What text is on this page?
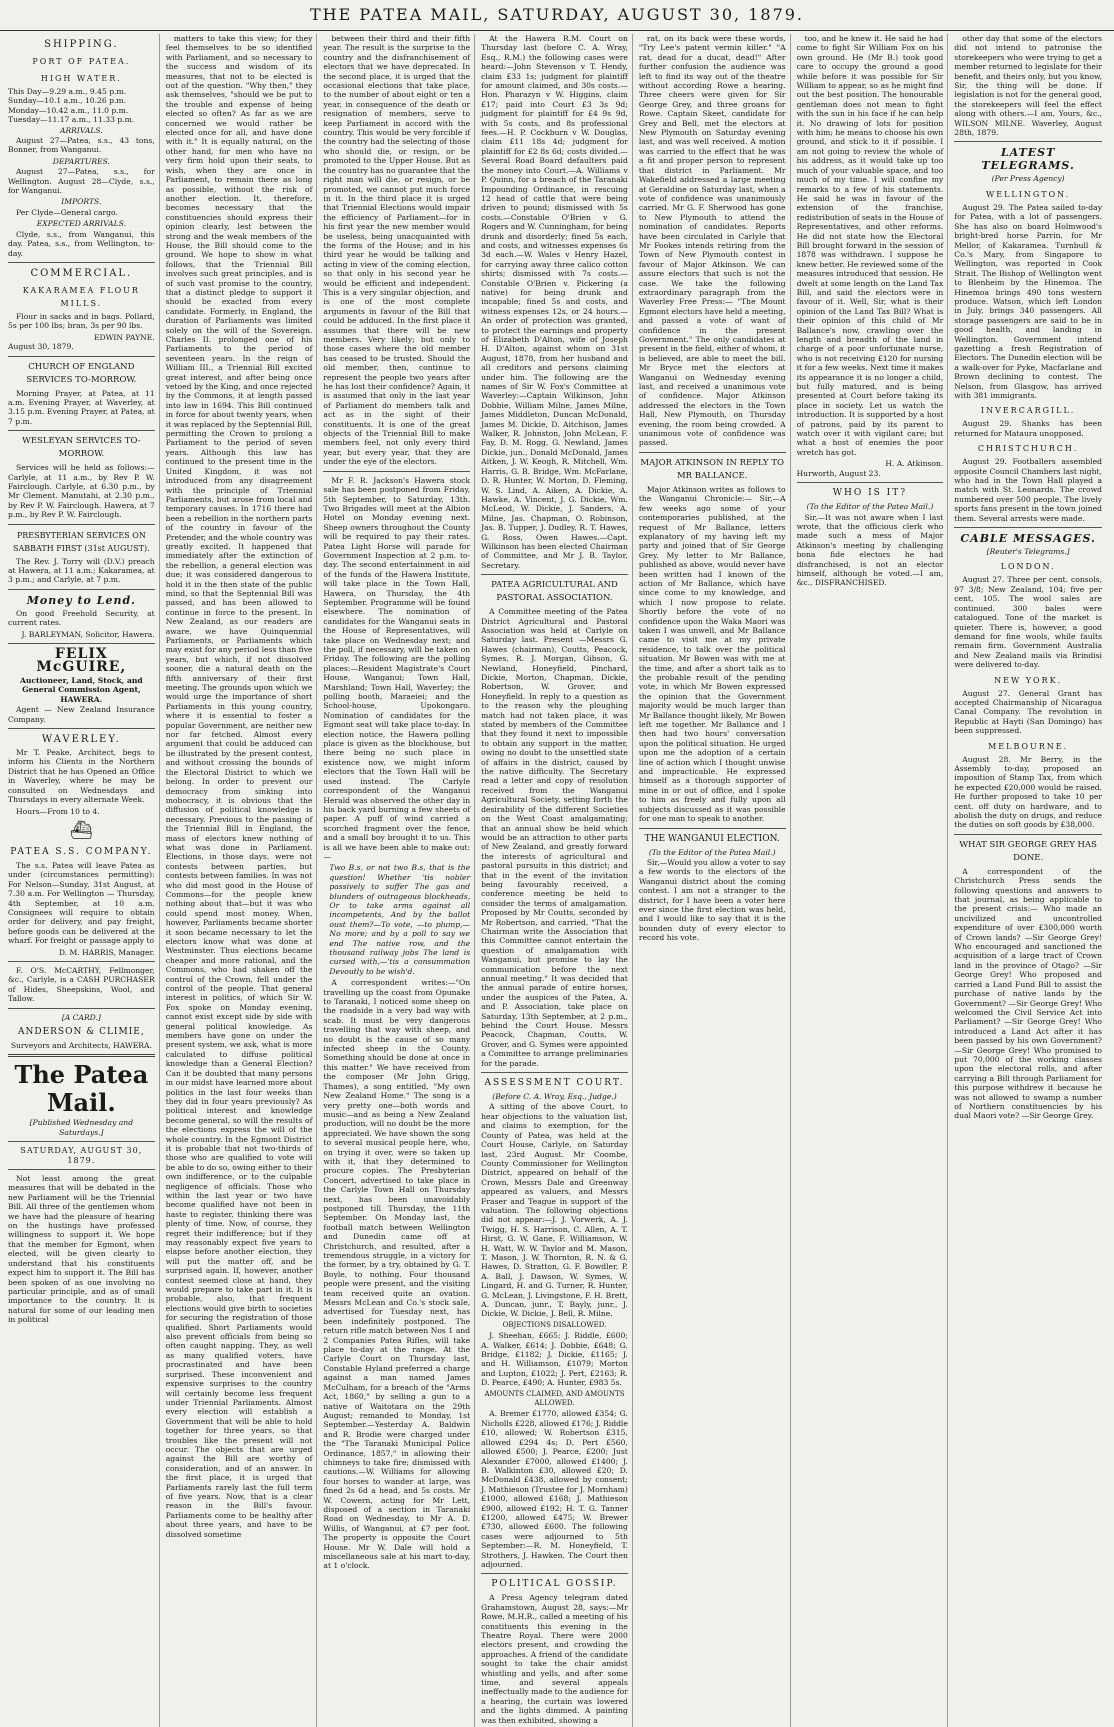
THE PATEA MAIL, SATURDAY, AUGUST 30, 1879.
SHIPPING.
PORT OF PATEA.
HIGH WATER.
This Day—9.29 a.m., 9.45 p.m.
Sunday—10.1 a.m., 10.26 p.m.
Monday—10.42 a.m., 11.0 p.m.
Tuesday—11.17 a.m., 11.33 p.m.
ARRIVALS.

August 27—Patea, s.s., 43 tons, Bonner, from Wanganui.

DEPARTURES.

August 27—Patea, s.s., for Wellington. August 28—Clyde, s.s., for Wanganui.

IMPORTS.

Per Clyde—General cargo.

EXPECTED ARRIVALS.

Clyde, s.s., from Wanganui, this day. Patea, s.s., from Wellington, to-day.

COMMERCIAL.
KAKARAMEA FLOUR MILLS.

Flour in sacks and in bags. Pollard, 5s per 100 lbs; bran, 3s per 90 lbs.

EDWIN PAYNE.
August 30, 1879.
CHURCH OF ENGLAND SERVICES TO-MORROW.

Morning Prayer, at Patea, at 11 a.m. Evening Prayer, at Waverley, at 3.15 p.m. Evening Prayer, at Patea, at 7 p.m.

WESLEYAN SERVICES TO-MORROW.

Services will be held as follows:— Carlyle, at 11 a.m., by Rev P. W. Fairclough. Carlyle, at 6.30 p.m., by Mr Clement. Manutahi, at 2.30 p.m., by Rev P. W. Fairclough. Hawera, at 7 p.m., by Rev P. W. Fairclough.

PRESBYTERIAN SERVICES ON SABBATH FIRST (31st AUGUST).

The Rev. J. Torry will (D.V.) preach at Hawera, at 11 a.m.; Kakaramea, at 3 p.m.; and Carlyle, at 7 p.m.

Money to Lend.

On good Freehold Security, at current rates.

J. BARLEYMAN, Solicitor, Hawera.
FELIX McGUIRE,
Auctioneer, Land, Stock, and General Commission Agent, HAWERA.

Agent — New Zealand Insurance Company.

WAVERLEY.

Mr T. Peake, Architect, begs to inform his Clients in the Northern District that he has Opened an Office in Waverley, where he may be consulted on Wednesdays and Thursdays in every alternate Week.

Hours—From 10 to 4.

⛴
PATEA S.S. COMPANY.

The s.s. Patea will leave Patea as under (circumstances permitting): For Nelson—Sunday, 31st August, at 7.30 a.m. For Wellington — Thursday, 4th September, at 10 a.m. Consignees will require to obtain order for delivery, and pay freight, before goods can be delivered at the wharf. For freight or passage apply to

D. M. HARRIS, Manager.

F. O'S. McCARTHY, Fellmonger, &c., Carlyle, is a CASH PURCHASER of Hides, Sheepskins, Wool, and Tallow.

[A CARD.]
ANDERSON & CLIMIE,
Surveyors and Architects, HAWERA.
The Patea Mail.
[Published Wednesday and Saturdays.]
SATURDAY, AUGUST 30, 1879.

Not least among the great measures that will be debated in the new Parliament will be the Triennial Bill. All three of the gentlemen whom we have had the pleasure of hearing on the hustings have professed willingness to support it. We hope that the member for Egmont, when elected, will be given clearly to understand that his constituents expect him to support it. The Bill has been spoken of as one involving no particular principle, and as of small importance to the country. It is natural for some of our leading men in political

matters to take this view; for they feel themselves to be so identified with Parliament, and so necessary to the success and wisdom of its measures, that not to be elected is out of the question. "Why then," they ask themselves, "should we be put to the trouble and expense of being elected so often? As far as we are concerned we would rather be elected once for all, and have done with it." It is equally natural, on the other hand, for men who have no very firm hold upon their seats, to wish, when they are once in Parliament, to remain there as long as possible, without the risk of another election. It, therefore, becomes necessary that the constituencies should express their opinion clearly, lest between the strong and the weak members of the House, the Bill should come to the ground. We hope to show in what follows, that the Triennial Bill involves such great principles, and is of such vast promise to the country, that a distinct pledge to support it should be exacted from every candidate. Formerly, in England, the duration of Parliaments was limited solely on the will of the Sovereign. Charles II. prolonged one of his Parliaments to the period of seventeen years. In the reign of William III., a Triennial Bill excited great interest, and after being once vetoed by the King, and once rejected by the Commons, it at length passed into law in 1694. This Bill continued in force for about twenty years, when it was replaced by the Septennial Bill, permitting the Crown to prolong a Parliament to the period of seven years. Although this law has continued to the present time in the United Kingdom, it was not introduced from any disagreement with the principle of Triennial Parliaments, but arose from local and temporary causes. In 1716 there had been a rebellion in the northern parts of the country in favour of the Pretender, and the whole country was greatly excited. It happened that immediately after the extinction of the rebellion, a general election was due; it was considered dangerous to hold it in the then state of the public mind, so that the Septennial Bill was passed, and has been allowed to continue in force to the present. In New Zealand, as our readers are aware, we have Quinquennial Parliaments, or Parliaments which may exist for any period less than five years, but which, if not dissolved sooner, die a natural death on the fifth anniversary of their first meeting. The grounds upon which we would urge the importance of short Parliaments in this young country, where it is essential to foster a popular Government, are neither new nor far fetched. Almost every argument that could be adduced can be illustrated by the present contest, and without crossing the bounds of the Electoral District to which we belong. In order to prevent our democracy from sinking into mobocracy, it is obvious that the diffusion of political knowledge is necessary. Previous to the passing of the Triennial Bill in England, the mass of electors knew nothing of what was done in Parliament. Elections, in those days, were not contests between parties, but contests between families. In was not who did most good in the House of Commons—for the people knew nothing about that—but it was who could spend most money. When, however, Parliaments became shorter it soon became necessary to let the electors know what was done at Westminster. Thus elections became cheaper and more rational, and the Commons, who had shaken off the control of the Crown, fell under the control of the people. That general interest in politics, of which Sir W. Fox spoke on Monday evening, cannot exist except side by side with general political knowledge. As members have gone on under the present system, we ask, what is more calculated to diffuse political knowledge than a General Election? Can it be doubted that many persons in our midst have learned more about politics in the last four weeks than they did in four years previously? As political interest and knowledge become general, so will the results of the elections express the will of the whole country. In the Egmont District it is probable that not two-thirds of those who are qualified to vote will be able to do so, owing either to their own indifference, or to the culpable negligence of officials. Those who within the last year or two have become qualified have not been in haste to register, thinking there was plenty of time. Now, of course, they regret their indifference; but if they may reasonably expect five years to elapse before another election, they will put the matter off, and be surprised again. If, however, another contest seemed close at hand, they would prepare to take part in it. It is probable, also, that frequent elections would give birth to societies for securing the registration of those qualified. Short Parliaments would also prevent officials from being so often caught napping. They, as well as many qualified voters, have procrastinated and have been surprised. These inconvenient and expensive surprises to the country will certainly become less frequent under Triennial Parliaments. Almost every election will establish a Government that will be able to hold together for three years, so that troubles like the present will not occur. The objects that are urged against the Bill are worthy of consideration, and of an answer. In the first place, it is urged that Parliaments rarely last the full term of five years. Now, that is a clear reason in the Bill's favour. Parliaments come to be healthy after about three years, and have to be dissolved sometime

between their third and their fifth year. The result is the surprise to the country and the disfranchisement of electors that we have deprecated. In the second place, it is urged that the occasional elections that take place, to the number of about eight or ten a year, in consequence of the death or resignation of members, serve to keep Parliament in accord with the country. This would be very forcible if the country had the selecting of those who should die, or resign, or be promoted to the Upper House. But as the country has no guarantee that the right man will die, or resign, or be promoted, we cannot put much force in it. In the third place it is urged that Triennial Elections would impair the efficiency of Parliament—for in his first year the new member would be useless, being unacquainted with the forms of the House; and in his third year he would be talking and acting in view of the coming election, so that only in his second year he would be efficient and independent. This is a very singular objection, and is one of the most complete arguments in favour of the Bill that could be adduced. In the first place it assumes that there will be new members. Very likely; but only to those cases where the old member has ceased to be trusted. Should the old member, then, continue to represent the people two years after he has lost their confidence? Again, it is assumed that only in the last year of Parliament do members talk and act as in the sight of their constituents. It is one of the great objects of the Triennial Bill to make members feel, not only every third year, but every year, that they are under the eye of the electors.

Mr F. R. Jackson's Hawera stock sale has been postponed from Friday, 5th September, to Saturday, 13th. Two Brigades will meet at the Albion Hotel on Monday evening next. Sheep owners throughout the County will be required to pay their rates. Patea Light Horse will parade for Government Inspection at 2 p.m. to-day. The second entertainment in aid of the funds of the Hawera Institute, will take place in the Town Hall, Hawera, on Thursday, the 4th September. Programme will be found elsewhere. The nomination of candidates for the Wanganui seats in the House of Representatives, will take place on Wednesday next; and the poll, if necessary, will be taken on Friday. The following are the polling places:—Resident Magistrate's Court House, Wanganui; Town Hall, Marshland; Town Hall, Waverley; the polling booth, Maraeiei; and the School-house, Upokongaro. Nomination of candidates for the Egmont seat will take place to-day. In election notice, the Hawera polling place is given as the blockhouse, but there being no such place in existence now, we might inform electors that the Town Hall will be used instead. The Carlyle correspondent of the Wanganui Herald was observed the other day in his back yard burning a few sheets of paper. A puff of wind carried a scorched fragment over the fence, and a small boy brought it to us. This is all we have been able to make out:—

Two B.s, or not two B.s, that is the question! Whether 'tis nobler passively to suffer The gas and blunders of outrageous blockheads, Or to take arms against all incompetents, And by the ballot oust them?—To vote, —to plump,— No more; and by a poll to say we end The native row, and the thousand railway jobs The land is cursed with,—'tis a consummation Devoutly to be wish'd.

A correspondent writes:—"On travelling up the coast from Opunake to Taranaki, I noticed some sheep on the roadside in a very bad way with scab. It must be very dangerous travelling that way with sheep, and no doubt is the cause of so many infected sheep in the County. Something should be done at once in this matter." We have received from the composer (Mr John Grigg, Thames), a song entitled, "My own New Zealand Home." The song is a very pretty one—both words and music—and as being a New Zealand production, will no doubt be the more appreciated. We have shown the song to several musical people here, who, on trying it over, were so taken up with it, that they determined to procure copies. The Presbyterian Concert, advertised to take place in the Carlyle Town Hall on Thursday next, has been unavoidably postponed till Thursday, the 11th September. On Monday last, the football match between Wellington and Dunedin came off at Christchurch, and resulted, after a tremendous struggle, in a victory for the former, by a try, obtained by G. T. Boyle, to nothing. Four thousand people were present, and the visiting team received quite an ovation. Messrs McLean and Co.'s stock sale, advertised for Tuesday next, has been indefinitely postponed. The return rifle match between Nos 1 and 2 Companies Patea Rifles, will take place to-day at the range. At the Carlyle Court on Thursday last, Constable Hyland preferred a charge against a man named James McCulham, for a breach of the "Arms Act, 1860," by selling a gun to a native of Waitotara on the 29th August; remanded to Monday, 1st September.—Yesterday A. Baldwin and R. Brodie were charged under the "The Taranaki Municipal Police Ordinance, 1857," in allowing their chimneys to take fire; dismissed with cautions.—W. Williams for allowing four horses to wander at large, was fined 2s 6d a head, and 5s costs. Mr W. Cowern, acting for Mr Lett, disposed of a section in Taranaki Road on Wednesday, to Mr A. D. Willis, of Wanganui, at £7 per foot. The property is opposite the Court House. Mr W. Dale will hold a miscellaneous sale at his mart to-day, at 1 o'clock.

At the Hawera R.M. Court on Thursday last (before C. A. Wray, Esq., R.M.) the following cases were heard:—John Stevenson v T. Hendy, claim £33 1s; judgment for plaintiff for amount claimed, and 30s costs.—Hon. Pharazyn v W. Higgins, claim £17; paid into Court £3 3s 9d; judgment for plaintiff for £4 9s 9d, with 5s costs, and 8s professional fees.—H. P. Cockburn v W. Douglas, claim £11 18s 4d; judgment for plaintiff for £2 8s 6d; costs divided.—Several Road Board defaulters paid the money into Court.—A. Williams v P. Quinn, for a breach of the Taranaki Impounding Ordinance, in rescuing 12 head of cattle that were being driven to pound; dismissed with 5s costs.—Constable O'Brien v G. Rogers and W. Cunningham, for being drunk and disorderly; fined 5s each, and costs, and witnesses expenses 6s 3d each.—W. Wales v Henry Hazel, for carrying away three calico cotton shirts; dismissed with 7s costs.—Constable O'Brien v. Pickering (a native) for being drunk and incapable; fined 5s and costs, and witness expenses 12s, or 24 hours.—An order of protection was granted, to protect the earnings and property of Elizabeth D'Alton, wife of Joseph H. D'Alton, against whom on 31st August, 1878, from her husband and all creditors and persons claiming under him. The following are the names of Sir W. Fox's Committee at Waverley:—Captain Wilkinson, John Dobbie, William Milne, James Milne, James Middleton, Duncan McDonald, James M. Dickie, D. Aitchison, James Walker, R. Johnston, John McLean, F. Fay, D. M. Rogg, G. Newland, James Dickie, jun., Donald McDonald, James Aitken, J. W. Keogh, R. Mitchell, Wm. Harris, G. B. Bridge, Wm. McFarlane, D. R. Hunter, W. Morton, D. Fleming, W. S. Lind, A. Aiken, A. Dickie, A. Hawke, A. Vincent, J. G. Dickie, Wm. McLeod, W. Dickie, J. Sanders, A. Milne, Jas. Chapman, O. Robinson, Jas. B. Tupper, J. Dudley, R. T. Hawes, G. Ross, Owen Hawes.—Capt. Wilkinson has been elected Chairman of Committee, and Mr J. B. Taylor, Secretary.

PATEA AGRICULTURAL AND PASTORAL ASSOCIATION.

A Committee meeting of the Patea District Agricultural and Pastoral Association was held at Carlyle on Saturday last. Present —Messrs G. Hawes (chairman), Coutts, Peacock, Symes, R. J. Morgan, Gibson, G. Newland, Honeyfield, Pinchard, Dickie, Morton, Chapman, Dickie, Robertson, W. Grover, and Honeyfield. In reply to a question as to the reason why the ploughing match had not taken place, it was stated by members of the Committee that they found it next to impossible to obtain any support in the matter, owing no doubt to the unsettled state of affairs in the district, caused by the native difficulty. The Secretary read a letter and copy of resolution received from the Wanganui Agricultural Society, setting forth the desirability of the different Societies on the West Coast amalgamating; that an annual show be held which would be an attraction to other parts of New Zealand, and greatly forward the interests of agricultural and pastoral pursuits in this district; and that in the event of the invitation being favourably received, a conference meeting be held to consider the terms of amalgamation. Proposed by Mr Coutts, seconded by Mr Robertson, and carried, "That the Chairman write the Association that this Committee cannot entertain the question of amalgamation with Wanganui, but promise to lay the communication before the next annual meeting." It was decided that the annual parade of entire horses, under the auspices of the Patea, A. and P. Association, take place on Saturday, 13th September, at 2 p.m., behind the Court House. Messrs Peacock, Chapman, Coutts, W. Grover, and G. Symes were appointed a Committee to arrange preliminaries for the parade.

ASSESSMENT COURT.
(Before C. A. Wray, Esq., Judge.)

A sitting of the above Court, to hear objections to the valuation list, and claims to exemption, for the County of Patea, was held at the Court House, Carlyle, on Saturday last, 23rd August. Mr Coombe, County Commissioner for Wellington District, appeared on behalf of the Crown, Messrs Dale and Greenway appeared as valuers, and Messrs Fraser and Teague in support of the valuation. The following objections did not appear:—J. J. Vorwerk, A. J. Twigg, H. S. Harrison, C. Allen, A. T. Hirst, G. W. Gane, F. Williamson, W. H. Watt, W. W. Taylor and M. Mason, T. Mason, J. W. Thornton, R. N. & G. Hawes, D. Stratton, G. F. Bowdler, P. A. Ball, J. Dawson, W. Symes, W. Lingard, H. and G. Turner, R. Hunter, G. McLean, J. Livingstone, F. H. Brett, A. Duncan, junr., T. Bayly, junr., J. Dickie, W. Dickie, J. Bell, R. Milne.

OBJECTIONS DISALLOWED.

J. Sheehan, £665; J. Riddle, £600; A. Walker, £614; J. Dobbie, £648; G. Bridge, £1182; J. Dickie, £1165; J. and H. Williamson, £1079; Morton and Lupton, £1022; J. Pert, £2163; R. D. Pearce, £490; A. Hunter, £983 5s.

AMOUNTS CLAIMED, AND AMOUNTS ALLOWED.

A. Bremer £1770, allowed £354; G. Nicholls £228, allowed £176; J. Riddle £10, allowed; W. Robertson £315, allowed £294 4s; D. Pert £560, allowed £500; J. Pearce, £200; Just Alexander £7000, allowed £1400; J. B. Walkinton £30, allowed £20; D. McDonald £438, allowed by consent; J. Mathieson (Trustee for J. Mornham) £1000, allowed £168; J. Mathieson £900, allowed £192; H. T. G. Tanner £1200, allowed £475; W. Brewer £730, allowed £600. The following cases were adjourned to 5th September:—R. M. Honeyfield, T. Strothers, J. Hawken. The Court then adjourned.

POLITICAL GOSSIP.

A Press Agency telegram dated Grahamstown, August 28, says:—Mr Rowe, M.H.R., called a meeting of his constituents this evening in the Theatre Royal. There were 2000 electors present, and crowding the approaches. A friend of the candidate sought to take the chair amidst whistling and yells, and after some time, and several appeals ineffectually made to the audience for a hearing, the curtain was lowered and the lights dimmed. A painting was then exhibited, showing a

rat, on its back were these words, "Try Lee's patent vermin killer." "A rat, dead for a ducat, dead!" After further confusion the audience was left to find its way out of the theatre without according Rowe a hearing. Three cheers were given for Sir George Grey, and three groans for Rowe. Captain Skeet, candidate for Grey and Bell, met the electors at New Plymouth on Saturday evening last, and was well received. A motion was carried to the effect that he was a fit and proper person to represent that district in Parliament. Mr Wakefield addressed a large meeting at Geraldine on Saturday last, when a vote of confidence was unanimously carried. Mr G. F. Sherwood has gone to New Plymouth to attend the nomination of candidates. Reports have been circulated in Carlyle that Mr Fookes intends retiring from the Town of New Plymouth contest in favour of Major Atkinson. We can assure electors that such is not the case. We take the following extraordinary paragraph from the Waverley Free Press:— "The Mount Egmont electors have held a meeting, and passed a vote of want of confidence in the present Government." The only candidates at present in the field, either of whom, it is believed, are able to meet the bill. Mr Bryce met the electors at Wanganui on Wednesday evening last, and received a unanimous vote of confidence. Major Atkinson addressed the electors in the Town Hall, New Plymouth, on Thursday evening, the room being crowded. A unanimous vote of confidence was passed.

MAJOR ATKINSON IN REPLY TO MR BALLANCE.

Major Atkinson writes as follows to the Wanganui Chronicle:— Sir,—A few weeks ago some of your contemporaries published, at the request of Mr Ballance, letters explanatory of my having left my party and joined that of Sir George Grey. My letter to Mr Ballance, published as above, would never have been written had I known of the action of Mr Ballance, which have since come to my knowledge, and which I now propose to relate. Shortly before the vote of no confidence upon the Waka Maori was taken I was unwell, and Mr Ballance came to visit me at my private residence, to talk over the political situation. Mr Bowen was with me at the time, and after a short talk as to the probable result of the pending vote, in which Mr Bowen expressed the opinion that the Government majority would be much larger than Mr Ballance thought likely, Mr Bowen left me together. Mr Ballance and I then had two hours' conversation upon the political situation. He urged upon me the adoption of a certain line of action which I thought unwise and impracticable. He expressed himself as a thorough supporter of mine in or out of office, and I spoke to him as freely and fully upon all subjects discussed as it was possible for one man to speak to another.

THE WANGANUI ELECTION.
(To the Editor of the Patea Mail.)

Sir,—Would you allow a voter to say a few words to the electors of the Wanganui district about the coming contest. I am not a stranger to the district, for I have been a voter here ever since the first election was held, and I would like to say that it is the bounden duty of every elector to record his vote.

too, and he knew it. He said he had come to fight Sir William Fox on his own ground. He (Mr B.) took good care to occupy the ground a good while before it was possible for Sir William to appear, so as he might find out the best position. The honourable gentleman does not mean to fight with the sun in his face if he can help it. No drawing of lots for position with him; he means to choose his own ground, and stick to it if possible. I am not going to review the whole of his address, as it would take up too much of your valuable space, and too much of my time. I will confine my remarks to a few of his statements. He said he was in favour of the extension of the franchise, redistribution of seats in the House of Representatives, and other reforms. He did not state how the Electoral Bill brought forward in the session of 1878 was withdrawn. I suppose he knew better. He reviewed some of the measures introduced that session. He dwelt at some length on the Land Tax Bill, and said the electors were in favour of it. Well, Sir, what is their opinion of the Land Tax Bill? What is their opinion of this child of Mr Ballance's now, crawling over the length and breadth of the land in charge of a poor unfortunate nurse, who is not receiving £120 for nursing it for a few weeks. Next time it makes its appearance it is no longer a child, but fully matured, and is being presented at Court before taking its place in society. Let us watch the introduction. It is supported by a host of patrons, paid by its parent to watch over it with vigilant care; but what a host of enemies the poor wretch has got.

H. A. Atkinson.
Hurworth, August 23.
WHO IS IT?
(To the Editor of the Patea Mail.)

Sir,—It was not aware when I last wrote, that the officious clerk who made such a mess of Major Atkinson's meeting by challenging bona fide electors he had disfranchised, is not an elector himself, although he voted.—I am, &c., DISFRANCHISED.

other day that some of the electors did not intend to patronise the storekeepers who were trying to get a member returned to legislate for their benefit, and theirs only, but you know, Sir, the thing will be done. If legislation is not for the general good, the storekeepers will feel the effect along with others.—I am, Yours, &c., WILSON MILNE. Waverley, August 28th, 1879.

LATEST TELEGRAMS.
(Per Press Agency)
WELLINGTON.

August 29. The Patea sailed to-day for Patea, with a lot of passengers. She has also on board Holmwood's bright-bred horse Parrin, for Mr Mellor, of Kakaramea. Turnbull & Co.'s Mary, from Singapore to Wellington, was reported in Cook Strait. The Bishop of Wellington went to Blenheim by the Hinemoa. The Hinemoa brings 490 tons western produce. Watson, which left London in July, brings 340 passengers. All storage passengers are said to be in good health, and landing in Wellington. Government intend gazetting a fresh Registration of Electors. The Dunedin election will be a walk-over for Pyke, Macfarlane and Brown declining to contest. The Nelson, from Glasgow, has arrived with 381 immigrants.

INVERCARGILL.

August 29. Shanks has been returned for Mataura unopposed.

CHRISTCHURCH.

August 29. Footballers assembled opposite Council Chambers last night, who had in the Town Hall played a match with St. Leonards. The crowd numbered over 500 people. The lively sports fans present in the town joined them. Several arrests were made.

CABLE MESSAGES.
[Reuter's Telegrams.]
LONDON.

August 27. Three per cent. consols, 97 3/8; New Zealand, 104; five per cent, 105. The wool sales are continued. 300 bales were catalogued. Tone of the market is quieter. There is, however, a good demand for fine wools, while faults remain firm. Government Australia and New Zealand mails via Brindisi were delivered to-day.

NEW YORK.

August 27. General Grant has accepted Chairmanship of Nicaragua Canal Company. The revolution in Republic at Hayti (San Domingo) has been suppressed.

MELBOURNE.

August 28. Mr Berry, in the Assembly to-day, proposed an imposition of Stamp Tax, from which he expected £20,000 would be raised. He further proposed to take 10 per cent. off duty on hardware, and to abolish the duty on drugs, and reduce the duties on soft goods by £38,000.

WHAT SIR GEORGE GREY HAS DONE.

A correspondent of the Christchurch Press sends the following questions and answers to that journal, as being applicable to the present crisis:— Who made an uncivilized and uncontrolled expenditure of over £300,000 worth of Crown lands? —Sir George Grey! Who encouraged and sanctioned the acquisition of a large tract of Crown land in the province of Otago? —Sir George Grey! Who proposed and carried a Land Fund Bill to assist the purchase of native lands by the Government? —Sir George Grey! Who welcomed the Civil Service Act into Parliament? —Sir George Grey! Who introduced a Land Act after it has been passed by his own Government? —Sir George Grey! Who promised to put 70,000 of the working classes upon the electoral rolls, and after carrying a Bill through Parliament for this purpose withdrew it because he was not allowed to swamp a number of Northern constituencies by his dual Maori vote? —Sir George Grey.
